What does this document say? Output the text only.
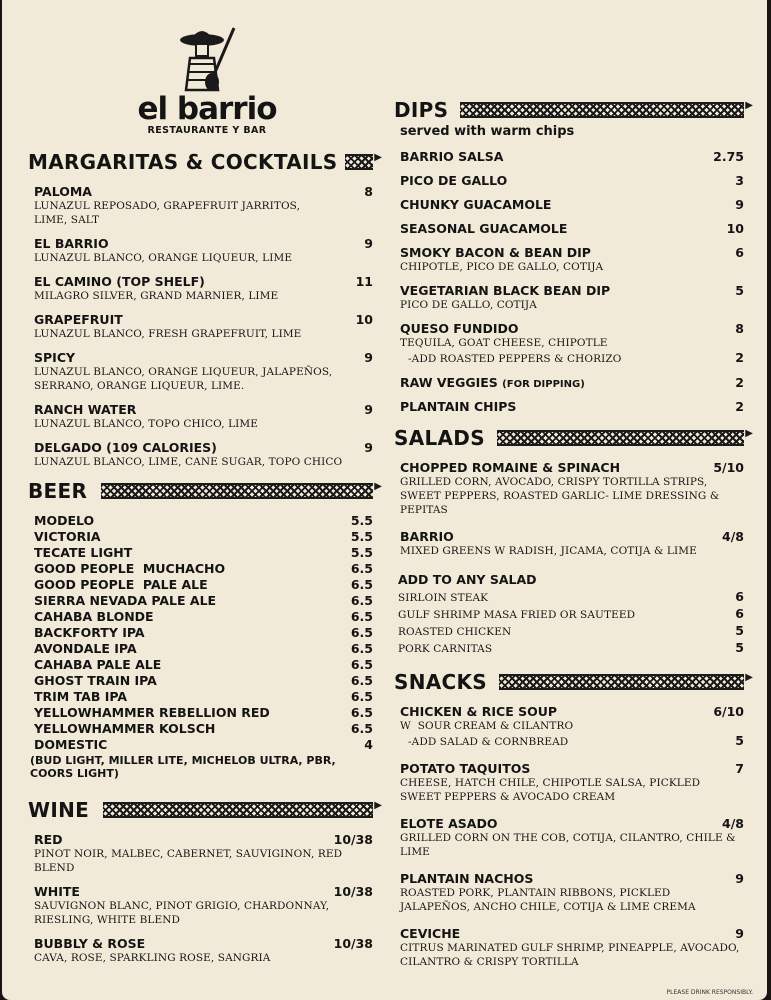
el barrio
RESTAURANTE Y BAR
MARGARITAS & COCKTAILS
▶
PALOMA	8
LUNAZUL REPOSADO, GRAPEFRUIT JARRITOS, LIME, SALT
EL BARRIO	9
LUNAZUL BLANCO, ORANGE LIQUEUR, LIME
EL CAMINO (TOP SHELF)	11
MILAGRO SILVER, GRAND MARNIER, LIME
GRAPEFRUIT	10
LUNAZUL BLANCO, FRESH GRAPEFRUIT, LIME
SPICY	9
LUNAZUL BLANCO, ORANGE LIQUEUR, JALAPEÑOS, SERRANO, ORANGE LIQUEUR, LIME.
RANCH WATER	9
LUNAZUL BLANCO, TOPO CHICO, LIME
DELGADO (109 CALORIES)	9
LUNAZUL BLANCO, LIME, CANE SUGAR, TOPO CHICO
BEER
▶
MODELO	5.5
VICTORIA	5.5
TECATE LIGHT	5.5
GOOD PEOPLE  MUCHACHO	6.5
GOOD PEOPLE  PALE ALE	6.5
SIERRA NEVADA PALE ALE	6.5
CAHABA BLONDE	6.5
BACKFORTY IPA	6.5
AVONDALE IPA	6.5
CAHABA PALE ALE	6.5
GHOST TRAIN IPA	6.5
TRIM TAB IPA	6.5
YELLOWHAMMER REBELLION RED	6.5
YELLOWHAMMER KOLSCH	6.5
DOMESTIC	4
(BUD LIGHT, MILLER LITE, MICHELOB ULTRA, PBR, COORS LIGHT)
WINE
▶
RED	10/38
PINOT NOIR, MALBEC, CABERNET, SAUVIGINON, RED BLEND
WHITE	10/38
SAUVIGNON BLANC, PINOT GRIGIO, CHARDONNAY, RIESLING, WHITE BLEND
BUBBLY & ROSE	10/38
CAVA, ROSE, SPARKLING ROSE, SANGRIA
DIPS
▶
served with warm chips
BARRIO SALSA	2.75
PICO DE GALLO	3
CHUNKY GUACAMOLE	9
SEASONAL GUACAMOLE	10
SMOKY BACON & BEAN DIP	6
CHIPOTLE, PICO DE GALLO, COTIJA
VEGETARIAN BLACK BEAN DIP	5
PICO DE GALLO, COTIJA
QUESO FUNDIDO	8
TEQUILA, GOAT CHEESE, CHIPOTLE
-ADD ROASTED PEPPERS & CHORIZO	2
RAW VEGGIES (FOR DIPPING)	2
PLANTAIN CHIPS	2
SALADS
▶
CHOPPED ROMAINE & SPINACH	5/10
GRILLED CORN, AVOCADO, CRISPY TORTILLA STRIPS, SWEET PEPPERS, ROASTED GARLIC- LIME DRESSING & PEPITAS
BARRIO	4/8
MIXED GREENS W RADISH, JICAMA, COTIJA & LIME
ADD TO ANY SALAD
SIRLOIN STEAK	6
GULF SHRIMP MASA FRIED OR SAUTEED	6
ROASTED CHICKEN	5
PORK CARNITAS	5
SNACKS
▶
CHICKEN & RICE SOUP	6/10
W  SOUR CREAM & CILANTRO
-ADD SALAD & CORNBREAD	5
POTATO TAQUITOS	7
CHEESE, HATCH CHILE, CHIPOTLE SALSA, PICKLED SWEET PEPPERS & AVOCADO CREAM
ELOTE ASADO	4/8
GRILLED CORN ON THE COB, COTIJA, CILANTRO, CHILE & LIME
PLANTAIN NACHOS	9
ROASTED PORK, PLANTAIN RIBBONS, PICKLED JALAPEÑOS, ANCHO CHILE, COTIJA & LIME CREMA
CEVICHE	9
CITRUS MARINATED GULF SHRIMP, PINEAPPLE, AVOCADO, CILANTRO & CRISPY TORTILLA
PLEASE DRINK RESPONSIBLY.
